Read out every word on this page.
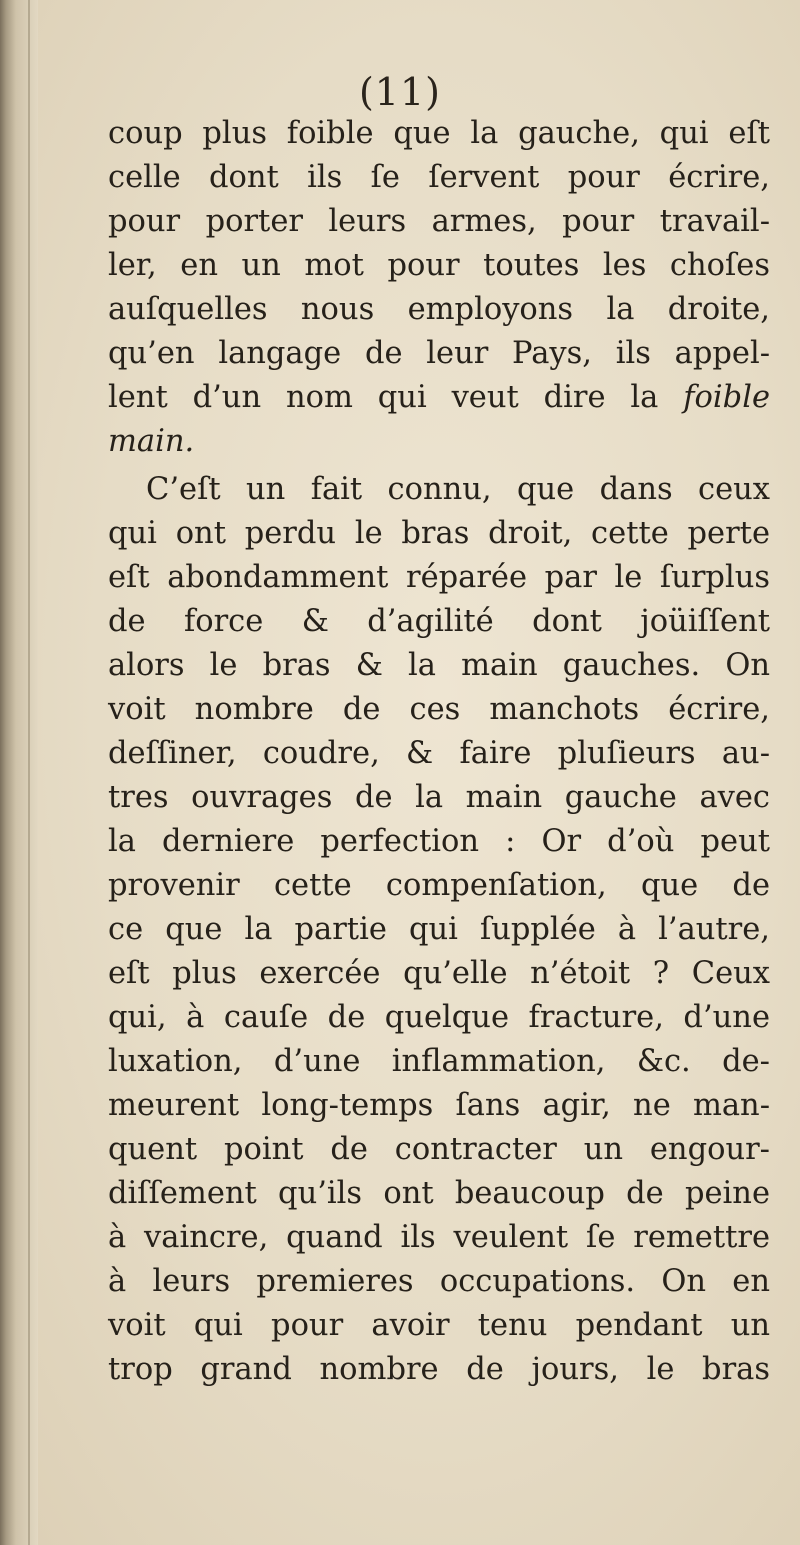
(11)
coup plus foible que la gauche, qui eſt
celle dont ils ſe ſervent pour écrire,
pour porter leurs armes, pour travail-
ler, en un mot pour toutes les choſes
auſquelles nous employons la droite,
qu’en langage de leur Pays, ils appel-
lent d’un nom qui veut dire la foible
main.
C’eſt un fait connu, que dans ceux
qui ont perdu le bras droit, cette perte
eſt abondamment réparée par le ſurplus
de force & d’agilité dont joüiſſent
alors le bras & la main gauches. On
voit nombre de ces manchots écrire,
deſſiner, coudre, & faire pluſieurs au-
tres ouvrages de la main gauche avec
la derniere perfection : Or d’où peut
provenir cette compenſation, que de
ce que la partie qui ſupplée à l’autre,
eſt plus exercée qu’elle n’étoit ? Ceux
qui, à cauſe de quelque fracture, d’une
luxation, d’une inflammation, &c. de-
meurent long-temps ſans agir, ne man-
quent point de contracter un engour-
diſſement qu’ils ont beaucoup de peine
à vaincre, quand ils veulent ſe remettre
à leurs premieres occupations. On en
voit qui pour avoir tenu pendant un
trop grand nombre de jours, le bras
